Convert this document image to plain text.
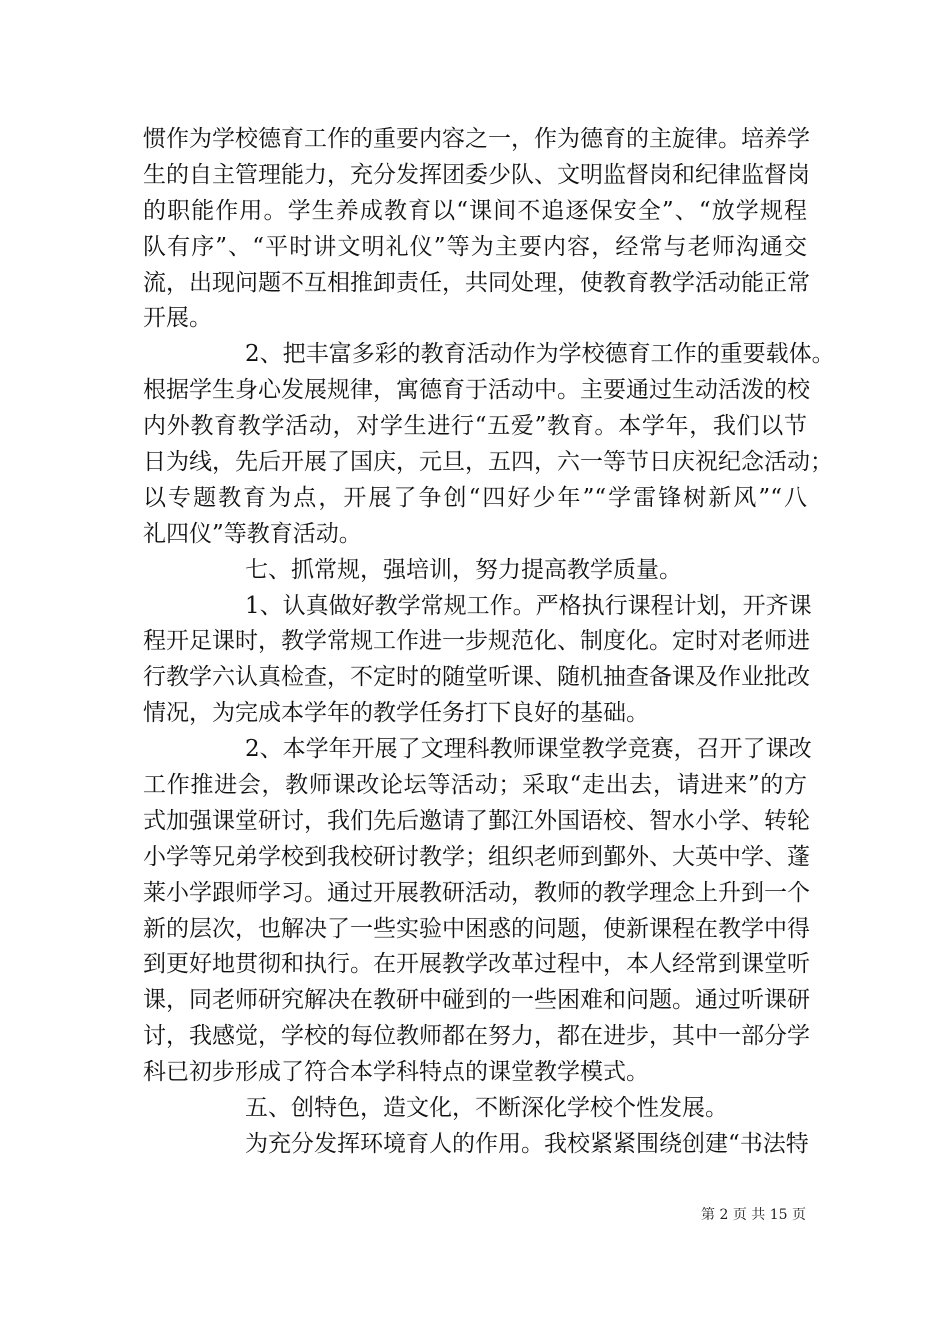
惯作为学校德育工作的重要内容之一，作为德育的主旋律。培养学
生的自主管理能力，充分发挥团委少队、文明监督岗和纪律监督岗
的职能作用。学生养成教育以“课间不追逐保安全”、“放学规程
队有序”、“平时讲文明礼仪”等为主要内容，经常与老师沟通交
流，出现问题不互相推卸责任，共同处理，使教育教学活动能正常
开展。
2、把丰富多彩的教育活动作为学校德育工作的重要载体。
根据学生身心发展规律，寓德育于活动中。主要通过生动活泼的校
内外教育教学活动，对学生进行“五爱”教育。本学年，我们以节
日为线，先后开展了国庆，元旦，五四，六一等节日庆祝纪念活动；
以专题教育为点，开展了争创“四好少年”“学雷锋树新风”“八
礼四仪”等教育活动。
七、抓常规，强培训，努力提高教学质量。
1、认真做好教学常规工作。严格执行课程计划，开齐课
程开足课时，教学常规工作进一步规范化、制度化。定时对老师进
行教学六认真检查，不定时的随堂听课、随机抽查备课及作业批改
情况，为完成本学年的教学任务打下良好的基础。
2、本学年开展了文理科教师课堂教学竞赛，召开了课改
工作推进会，教师课改论坛等活动；采取“走出去，请进来”的方
式加强课堂研讨，我们先后邀请了鄞江外国语校、智水小学、转轮
小学等兄弟学校到我校研讨教学；组织老师到鄞外、大英中学、蓬
莱小学跟师学习。通过开展教研活动，教师的教学理念上升到一个
新的层次，也解决了一些实验中困惑的问题，使新课程在教学中得
到更好地贯彻和执行。在开展教学改革过程中，本人经常到课堂听
课，同老师研究解决在教研中碰到的一些困难和问题。通过听课研
讨，我感觉，学校的每位教师都在努力，都在进步，其中一部分学
科已初步形成了符合本学科特点的课堂教学模式。
五、创特色，造文化，不断深化学校个性发展。
为充分发挥环境育人的作用。我校紧紧围绕创建“书法特
第 2 页 共 15 页
